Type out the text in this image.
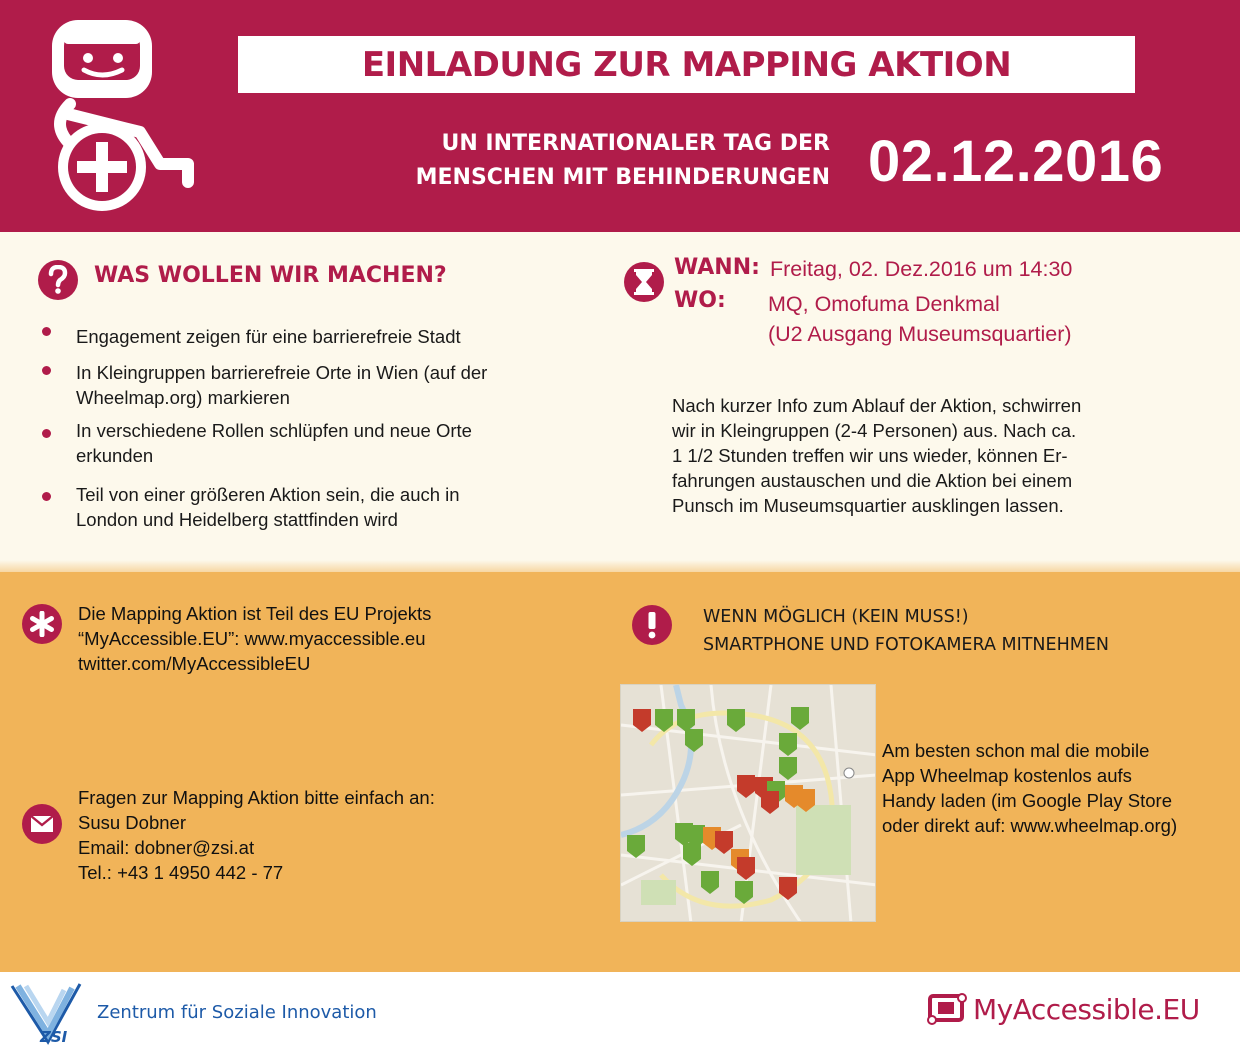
EINLADUNG ZUR MAPPING AKTION
UN INTERNATIONALER TAG DER
MENSCHEN MIT BEHINDERUNGEN 02.12.2016
WAS WOLLEN WIR MACHEN?
Engagement zeigen für eine barrierefreie Stadt
In Kleingruppen barrierefreie Orte in Wien (auf der
Wheelmap.org) markieren
In verschiedene Rollen schlüpfen und neue Orte
erkunden
Teil von einer größeren Aktion sein, die auch in
London und Heidelberg stattfinden wird
WANN: Freitag, 02. Dez.2016 um 14:30
WO: MQ, Omofuma Denkmal
(U2 Ausgang Museumsquartier)
Nach kurzer Info zum Ablauf der Aktion, schwirren
wir in Kleingruppen (2-4 Personen) aus. Nach ca.
1 1/2 Stunden treffen wir uns wieder, können Er-
fahrungen austauschen und die Aktion bei einem
Punsch im Museumsquartier ausklingen lassen.
Die Mapping Aktion ist Teil des EU Projekts
“MyAccessible.EU”: www.myaccessible.eu
twitter.com/MyAccessibleEU
Fragen zur Mapping Aktion bitte einfach an:
Susu Dobner
Email: dobner@zsi.at
Tel.: +43 1 4950 442 - 77
WENN MÖGLICH (KEIN MUSS!)
SMARTPHONE UND FOTOKAMERA MITNEHMEN
Am besten schon mal die mobile
App Wheelmap kostenlos aufs
Handy laden (im Google Play Store
oder direkt auf: www.wheelmap.org)
ZSI
Zentrum für Soziale Innovation	MyAccessible.EU
